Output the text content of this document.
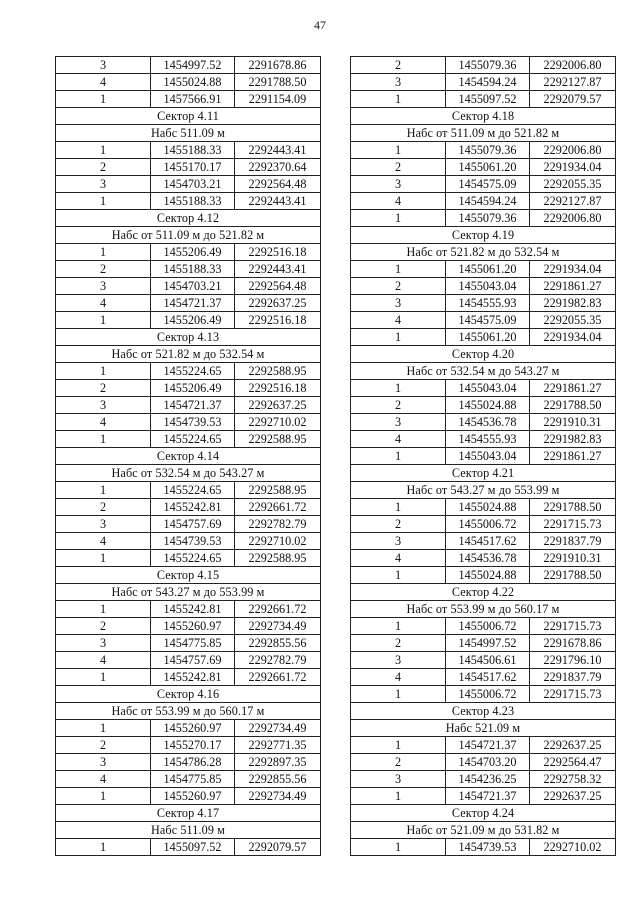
47
3	1454997.52	2291678.86
4	1455024.88	2291788.50
1	1457566.91	2291154.09
Сектор 4.11		
Набс 511.09 м		
1	1455188.33	2292443.41
2	1455170.17	2292370.64
3	1454703.21	2292564.48
1	1455188.33	2292443.41
Сектор 4.12		
Набс от 511.09 м до 521.82 м		
1	1455206.49	2292516.18
2	1455188.33	2292443.41
3	1454703.21	2292564.48
4	1454721.37	2292637.25
1	1455206.49	2292516.18
Сектор 4.13		
Набс от 521.82 м до 532.54 м		
1	1455224.65	2292588.95
2	1455206.49	2292516.18
3	1454721.37	2292637.25
4	1454739.53	2292710.02
1	1455224.65	2292588.95
Сектор 4.14		
Набс от 532.54 м до 543.27 м		
1	1455224.65	2292588.95
2	1455242.81	2292661.72
3	1454757.69	2292782.79
4	1454739.53	2292710.02
1	1455224.65	2292588.95
Сектор 4.15		
Набс от 543.27 м до 553.99 м		
1	1455242.81	2292661.72
2	1455260.97	2292734.49
3	1454775.85	2292855.56
4	1454757.69	2292782.79
1	1455242.81	2292661.72
Сектор 4.16		
Набс от 553.99 м до 560.17 м		
1	1455260.97	2292734.49
2	1455270.17	2292771.35
3	1454786.28	2292897.35
4	1454775.85	2292855.56
1	1455260.97	2292734.49
Сектор 4.17		
Набс 511.09 м		
1	1455097.52	2292079.57
2	1455079.36	2292006.80
3	1454594.24	2292127.87
1	1455097.52	2292079.57
Сектор 4.18		
Набс от 511.09 м до 521.82 м		
1	1455079.36	2292006.80
2	1455061.20	2291934.04
3	1454575.09	2292055.35
4	1454594.24	2292127.87
1	1455079.36	2292006.80
Сектор 4.19		
Набс от 521.82 м до 532.54 м		
1	1455061.20	2291934.04
2	1455043.04	2291861.27
3	1454555.93	2291982.83
4	1454575.09	2292055.35
1	1455061.20	2291934.04
Сектор 4.20		
Набс от 532.54 м до 543.27 м		
1	1455043.04	2291861.27
2	1455024.88	2291788.50
3	1454536.78	2291910.31
4	1454555.93	2291982.83
1	1455043.04	2291861.27
Сектор 4.21		
Набс от 543.27 м до 553.99 м		
1	1455024.88	2291788.50
2	1455006.72	2291715.73
3	1454517.62	2291837.79
4	1454536.78	2291910.31
1	1455024.88	2291788.50
Сектор 4.22		
Набс от 553.99 м до 560.17 м		
1	1455006.72	2291715.73
2	1454997.52	2291678.86
3	1454506.61	2291796.10
4	1454517.62	2291837.79
1	1455006.72	2291715.73
Сектор 4.23		
Набс 521.09 м		
1	1454721.37	2292637.25
2	1454703.20	2292564.47
3	1454236.25	2292758.32
1	1454721.37	2292637.25
Сектор 4.24		
Набс от 521.09 м до 531.82 м		
1	1454739.53	2292710.02
